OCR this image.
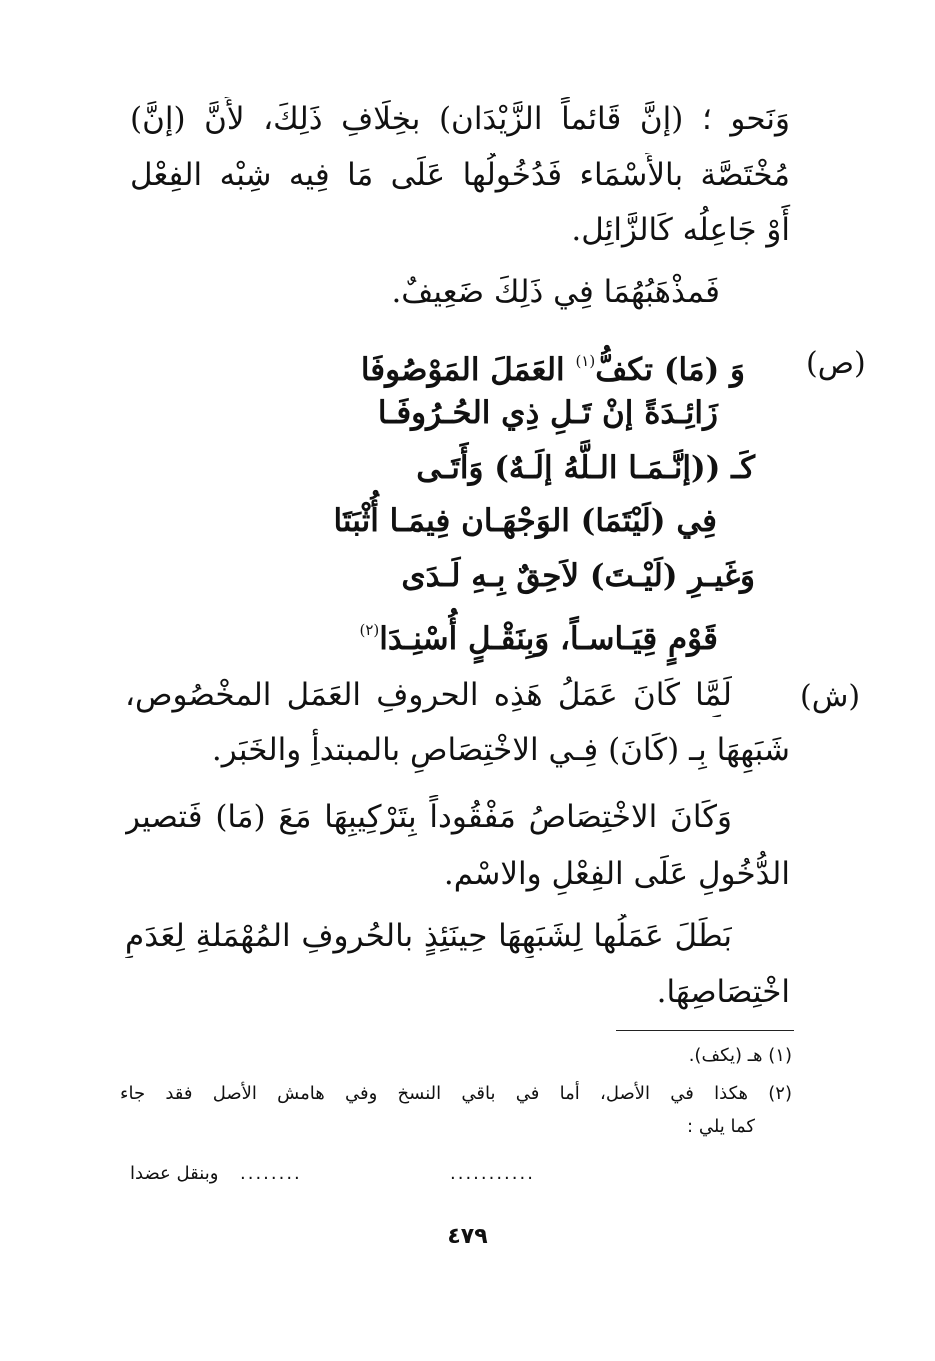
وَنَحو ؛ (إنَّ قَائماً الزَّيْدَان) بخِلَافِ ذَلِكَ، لأَنَّ (إنَّ)
مُخْتَصَّة بالأَسْمَاء فَدُخُولُها عَلَى مَا فِيه شِبْه الفِعْل
أَوْ جَاعِلُه كَالزَّائِل.
فَمذْهَبُهُمَا فِي ذَلِكَ ضَعِيفٌ.
(ص)
وَ (مَا) تكفُّ$^{(١)}$ العَمَلَ المَوْصُوفَا
زَائِـدَةً إنْ تَـلِ ذِي الحُـرُوفَـا
كَـ ((إنَّـمَـا الـلَّهُ إلَـهٌ) وَأَتَـى
فِي (لَيْتَمَا) الوَجْهَـان فِيمَـا أُثْبَتَا
وَغَيـرِ (لَيْـتَ) لاَحِقٌ بِـهِ لَـدَى
قَوْمٍ قِيَـاسـاً، وَبِنَقْـلٍ أُسْنِـدَا$^{(٢)}$
(ش)
لَمَّا كَانَ عَمَلُ هَذِه الحروفِ العَمَل المخْصُوص،
شَبَهِهَا بِـ (كَانَ) فِـي الاخْتِصَاصِ بالمبتدأِ والخَبَر.
وَكَانَ الاخْتِصَاصُ مَفْقُوداً بِتَرْكِيبِهَا مَعَ (مَا) فَتصير
الدُّخُولِ عَلَى الفِعْلِ والاسْم.
بَطَلَ عَمَلُها لِشَبَهِهَا حِينَئِذٍ بالحُروفِ المُهْمَلةِ لِعَدَمِ
اخْتِصَاصِهَا.
(١) هـ (يكف).
(٢) هكذا في الأصل، أما في باقي النسخ وفي هامش الأصل فقد جاء
كما يلي :
...........
........
وبنقل عضدا
٤٧٩
